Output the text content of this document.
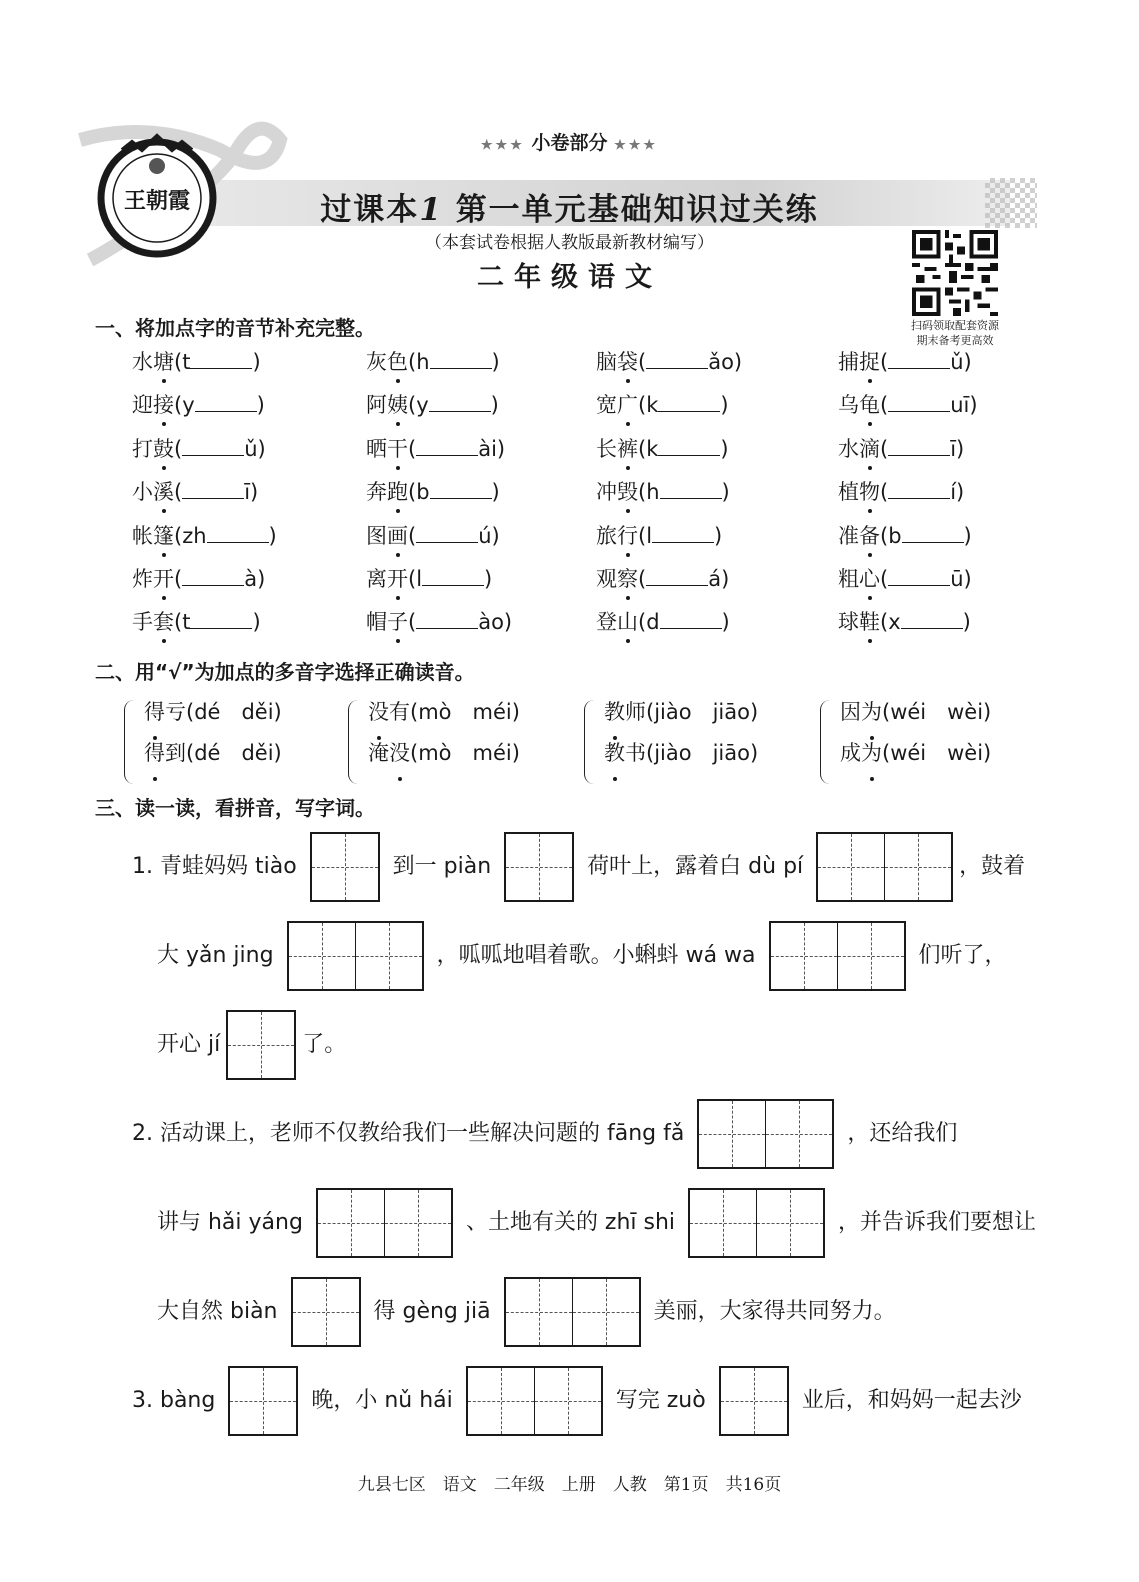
王朝霞
★★★ 小卷部分 ★★★
过课本1 第一单元基础知识过关练
（本套试卷根据人教版最新教材编写）
二年级语文
扫码领取配套资源
期末备考更高效
一、将加点字的音节补充完整。
水塘(t	)	灰色(h	)	脑袋(	ǎo)	捕捉(	ǔ)
迎接(y	)	阿姨(y	)	宽广(k	)	乌龟(	uī)
打鼓(	ǔ)	晒干(	ài)	长裤(k	)	水滴(	ī)
小溪(	ī)	奔跑(b	)	冲毁(h	)	植物(	í)
帐篷(zh	)	图画(	ú)	旅行(l	)	准备(b	)
炸开(	à)	离开(l	)	观察(	á)	粗心(	ū)
手套(t	)	帽子(	ào)	登山(d	)	球鞋(x	)
二、用“√”为加点的多音字选择正确读音。
得亏(dé　děi)
得到(dé　děi)
没有(mò　méi)
淹没(mò　méi)
教师(jiào　jiāo)
教书(jiào　jiāo)
因为(wéi　wèi)
成为(wéi　wèi)
三、读一读，看拼音，写字词。
1. 青蛙妈妈 tiào	到一 piàn	荷叶上，露着白 dù pí	，鼓着
大 yǎn jing	，呱呱地唱着歌。小蝌蚪 wá wa	们听了，
开心 jí	了。
2. 活动课上，老师不仅教给我们一些解决问题的 fāng fǎ	，还给我们
讲与 hǎi yáng	、土地有关的 zhī shi	，并告诉我们要想让
大自然 biàn	得 gèng jiā	美丽，大家得共同努力。
3. bàng	晚，小 nǔ hái	写完 zuò	业后，和妈妈一起去沙
九县七区　语文　二年级　上册　人教　第1页　共16页
